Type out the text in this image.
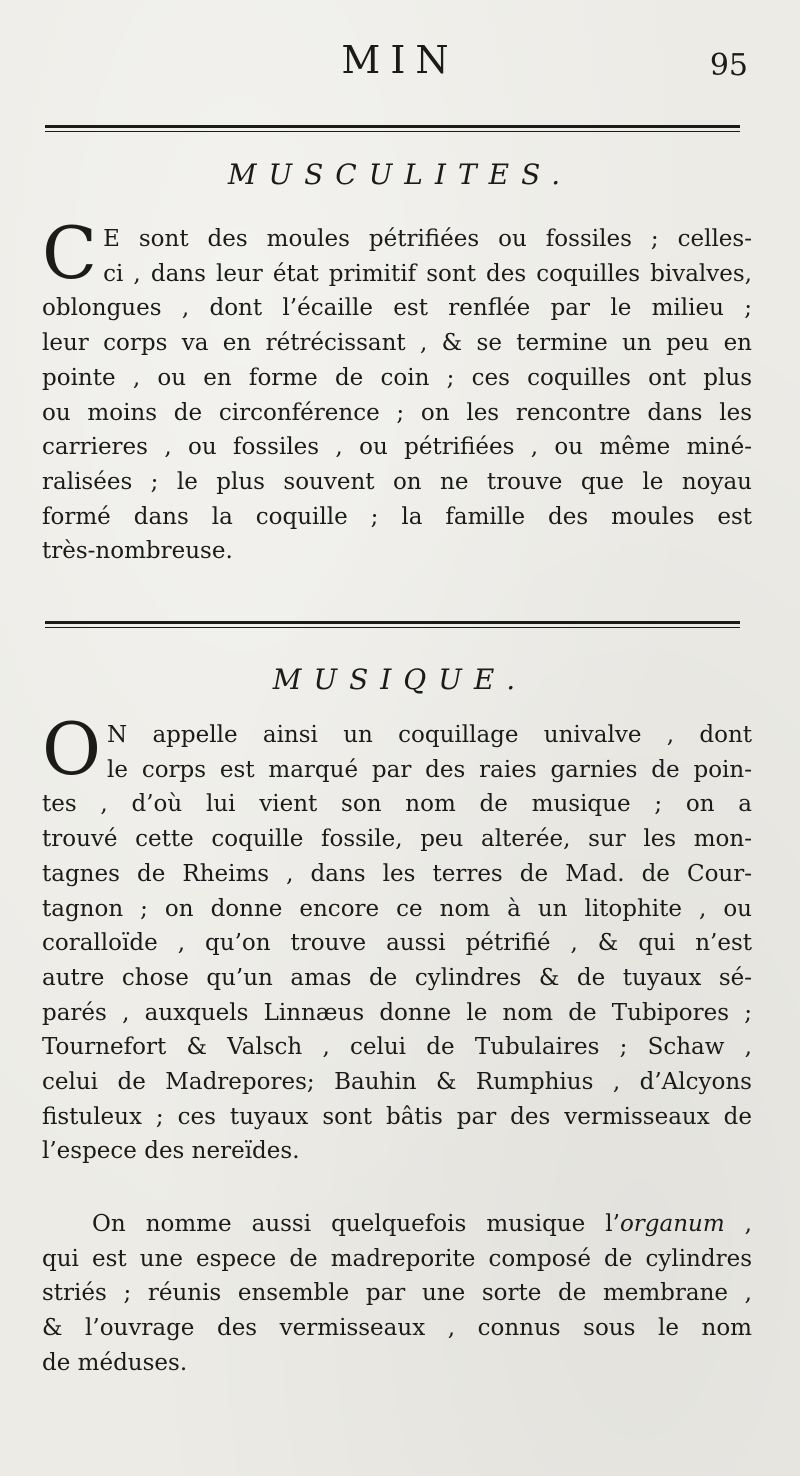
MIN	95
MUSCULITES.
C E sont des moules pétrifiées ou fossiles ; celles-
ci , dans leur état primitif sont des coquilles bivalves,
oblongues , dont l’écaille est renflée par le milieu ;
leur corps va en rétrécissant , & se termine un peu en
pointe , ou en forme de coin ; ces coquilles ont plus
ou moins de circonférence ; on les rencontre dans les
carrieres , ou fossiles , ou pétrifiées , ou même miné-
ralisées ; le plus souvent on ne trouve que le noyau
formé dans la coquille ; la famille des moules est
très-nombreuse.
MUSIQUE.
O N appelle ainsi un coquillage univalve , dont
le corps est marqué par des raies garnies de poin-
tes , d’où lui vient son nom de musique ; on a
trouvé cette coquille fossile, peu alterée, sur les mon-
tagnes de Rheims , dans les terres de Mad. de Cour-
tagnon ; on donne encore ce nom à un litophite , ou
coralloïde , qu’on trouve aussi pétrifié , & qui n’est
autre chose qu’un amas de cylindres & de tuyaux sé-
parés , auxquels Linnæus donne le nom de Tubipores ;
Tournefort & Valsch , celui de Tubulaires ; Schaw ,
celui de Madrepores; Bauhin & Rumphius , d’Alcyons
fistuleux ; ces tuyaux sont bâtis par des vermisseaux de
l’espece des nereïdes.
On nomme aussi quelquefois musique l’organum ,
qui est une espece de madreporite composé de cylindres
striés ; réunis ensemble par une sorte de membrane ,
& l’ouvrage des vermisseaux , connus sous le nom
de méduses.
